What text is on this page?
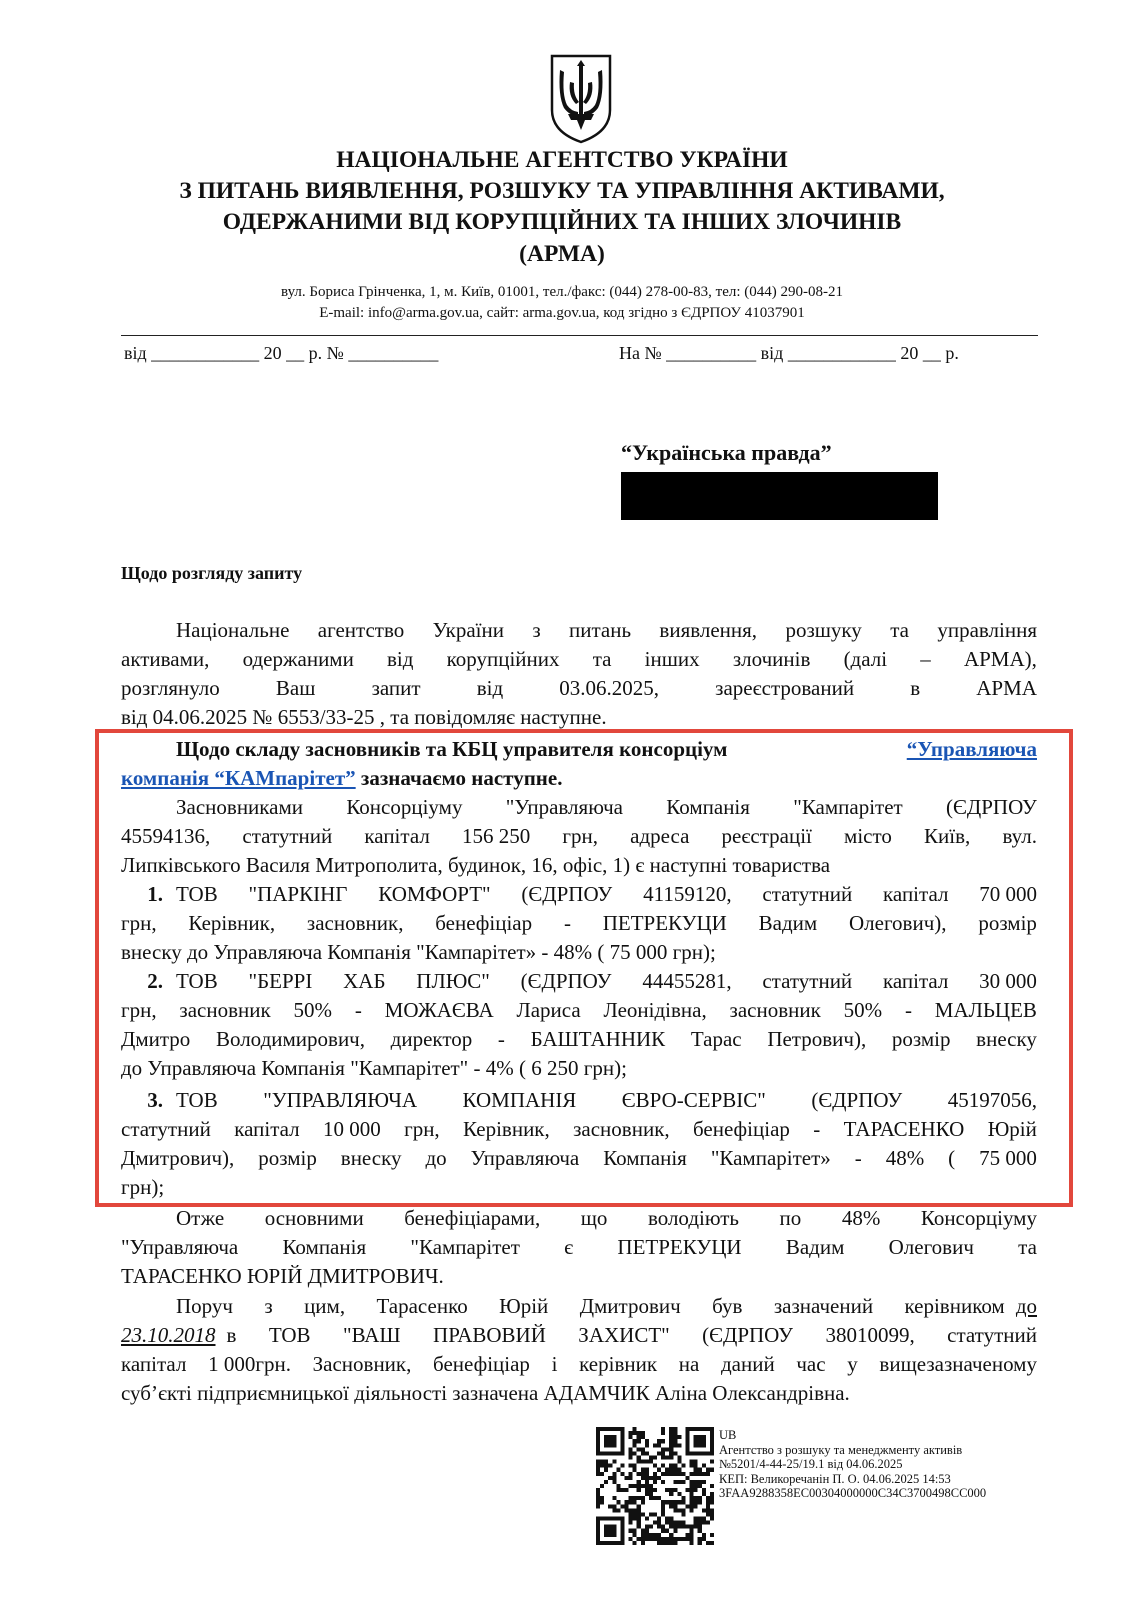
НАЦІОНАЛЬНЕ АГЕНТСТВО УКРАЇНИ
З ПИТАНЬ ВИЯВЛЕННЯ, РОЗШУКУ ТА УПРАВЛІННЯ АКТИВАМИ,
ОДЕРЖАНИМИ ВІД КОРУПЦІЙНИХ ТА ІНШИХ ЗЛОЧИНІВ
(АРМА)
вул. Бориса Грінченка, 1, м. Київ, 01001, тел./факс: (044) 278-00-83, тел: (044) 290-08-21
E-mail: info@arma.gov.ua, сайт: arma.gov.ua, код згідно з ЄДРПОУ 41037901
від ____________ 20 __ р. № __________	На № __________ від ____________ 20 __ р.
“Українська правда”
Щодо розгляду запиту
Національне агентство України з питань виявлення, розшуку та управління
активами, одержаними від корупційних та інших злочинів (далі – АРМА),
розглянуло	Ваш	запит	від	03.06.2025,	зареєстрований	в	АРМА
від 04.06.2025 № 6553/33-25 , та повідомляє наступне.
Щодо складу засновників та КБЦ управителя консорціум	“Управляюча
компанія “КАМпарітет” зазначаємо наступне.
Засновниками Консорціуму "Управляюча Компанія "Кампарітет (ЄДРПОУ
45594136, статутний капітал 156 250 грн, адреса реєстрації місто Київ, вул.
Липківського Василя Митрополита, будинок, 16, офіс, 1) є наступні товариства
1. ТОВ "ПАРКІНГ КОМФОРТ" (ЄДРПОУ 41159120, статутний капітал 70 000
грн, Керівник, засновник, бенефіціар - ПЕТРЕКУЦИ Вадим Олегович), розмір
внеску до Управляюча Компанія "Кампарітет» - 48% ( 75 000 грн);
2. ТОВ "БЕРРІ ХАБ ПЛЮС" (ЄДРПОУ 44455281, статутний капітал 30 000
грн, засновник 50% - МОЖАЄВА Лариса Леонідівна, засновник 50% - МАЛЬЦЕВ
Дмитро Володимирович, директор - БАШТАННИК Тарас Петрович), розмір внеску
до Управляюча Компанія "Кампарітет" - 4% ( 6 250 грн);
3. ТОВ "УПРАВЛЯЮЧА КОМПАНІЯ ЄВРО-СЕРВІС" (ЄДРПОУ 45197056,
статутний капітал 10 000 грн, Керівник, засновник, бенефіціар - ТАРАСЕНКО Юрій
Дмитрович), розмір внеску до Управляюча Компанія "Кампарітет» - 48% ( 75 000
грн);
Отже основними бенефіціарами, що володіють по 48% Консорціуму
"Управляюча Компанія "Кампарітет є ПЕТРЕКУЦИ Вадим Олегович та
ТАРАСЕНКО ЮРІЙ ДМИТРОВИЧ.
Поруч з цим, Тарасенко Юрій Дмитрович був зазначений керівником до
23.10.2018 в ТОВ "ВАШ ПРАВОВИЙ ЗАХИСТ" (ЄДРПОУ 38010099, статутний
капітал 1 000грн. Засновник, бенефіціар і керівник на даний час у вищезазначеному
суб’єкті підприємницької діяльності зазначена АДАМЧИК Аліна Олександрівна.
UB
Агентство з розшуку та менеджменту активів
№5201/4-44-25/19.1 від 04.06.2025
КЕП: Великоречанін П. О. 04.06.2025 14:53
3FAA9288358EC00304000000C34C3700498CC000
